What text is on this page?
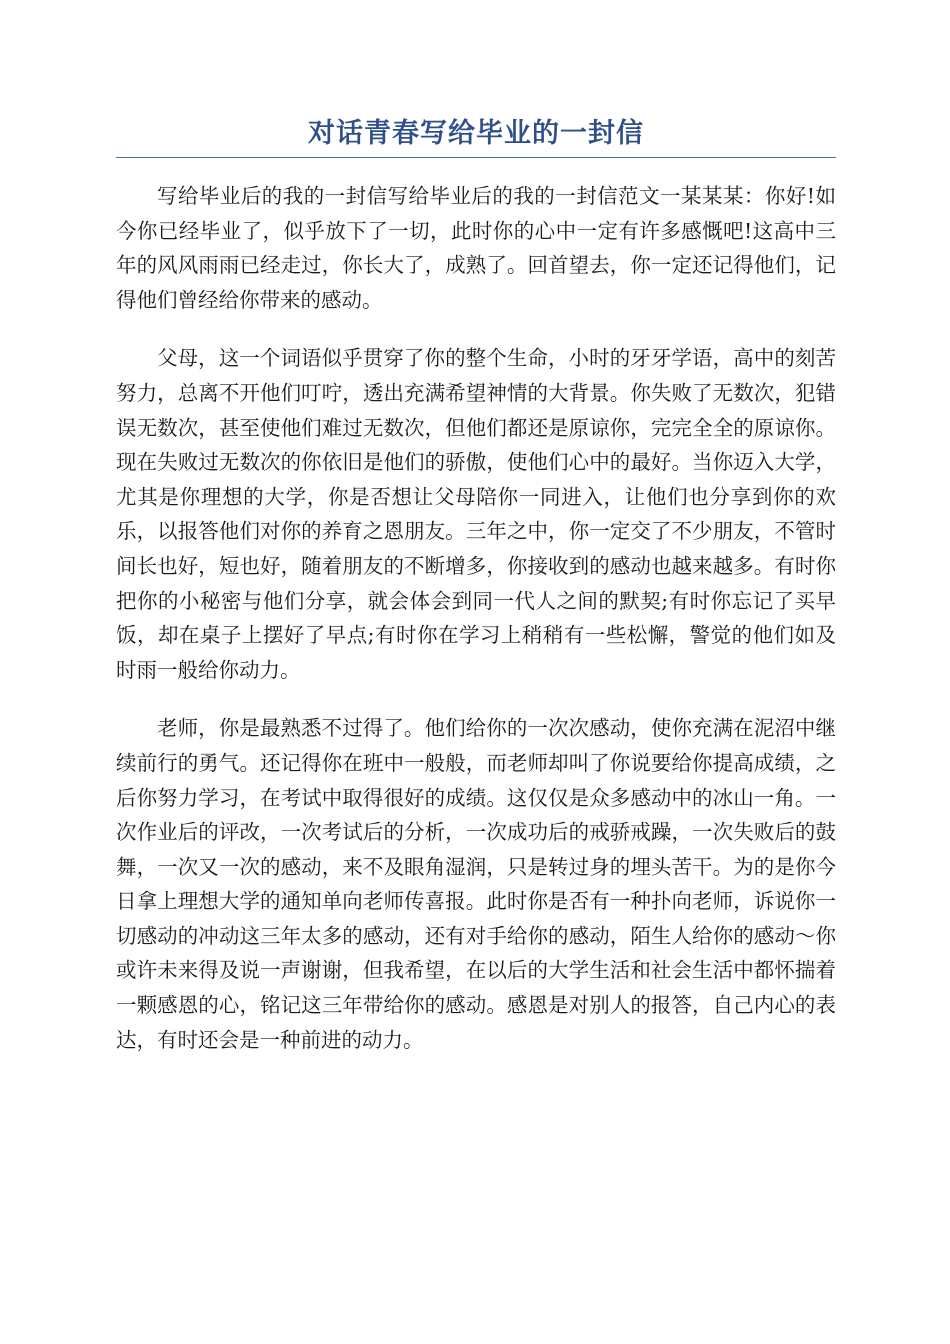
对话青春写给毕业的一封信

写给毕业后的我的一封信写给毕业后的我的一封信范文一某某某：你好!如今你已经毕业了，似乎放下了一切，此时你的心中一定有许多感慨吧!这高中三年的风风雨雨已经走过，你长大了，成熟了。回首望去，你一定还记得他们，记得他们曾经给你带来的感动。

父母，这一个词语似乎贯穿了你的整个生命，小时的牙牙学语，高中的刻苦努力，总离不开他们叮咛，透出充满希望神情的大背景。你失败了无数次，犯错误无数次，甚至使他们难过无数次，但他们都还是原谅你，完完全全的原谅你。现在失败过无数次的你依旧是他们的骄傲，使他们心中的最好。当你迈入大学，尤其是你理想的大学，你是否想让父母陪你一同进入，让他们也分享到你的欢乐，以报答他们对你的养育之恩朋友。三年之中，你一定交了不少朋友，不管时间长也好，短也好，随着朋友的不断增多，你接收到的感动也越来越多。有时你把你的小秘密与他们分享，就会体会到同一代人之间的默契;有时你忘记了买早饭，却在桌子上摆好了早点;有时你在学习上稍稍有一些松懈，警觉的他们如及时雨一般给你动力。

老师，你是最熟悉不过得了。他们给你的一次次感动，使你充满在泥沼中继续前行的勇气。还记得你在班中一般般，而老师却叫了你说要给你提高成绩，之后你努力学习，在考试中取得很好的成绩。这仅仅是众多感动中的冰山一角。一次作业后的评改，一次考试后的分析，一次成功后的戒骄戒躁，一次失败后的鼓舞，一次又一次的感动，来不及眼角湿润，只是转过身的埋头苦干。为的是你今日拿上理想大学的通知单向老师传喜报。此时你是否有一种扑向老师，诉说你一切感动的冲动这三年太多的感动，还有对手给你的感动，陌生人给你的感动～你或许未来得及说一声谢谢，但我希望，在以后的大学生活和社会生活中都怀揣着一颗感恩的心，铭记这三年带给你的感动。感恩是对别人的报答，自己内心的表达，有时还会是一种前进的动力。
